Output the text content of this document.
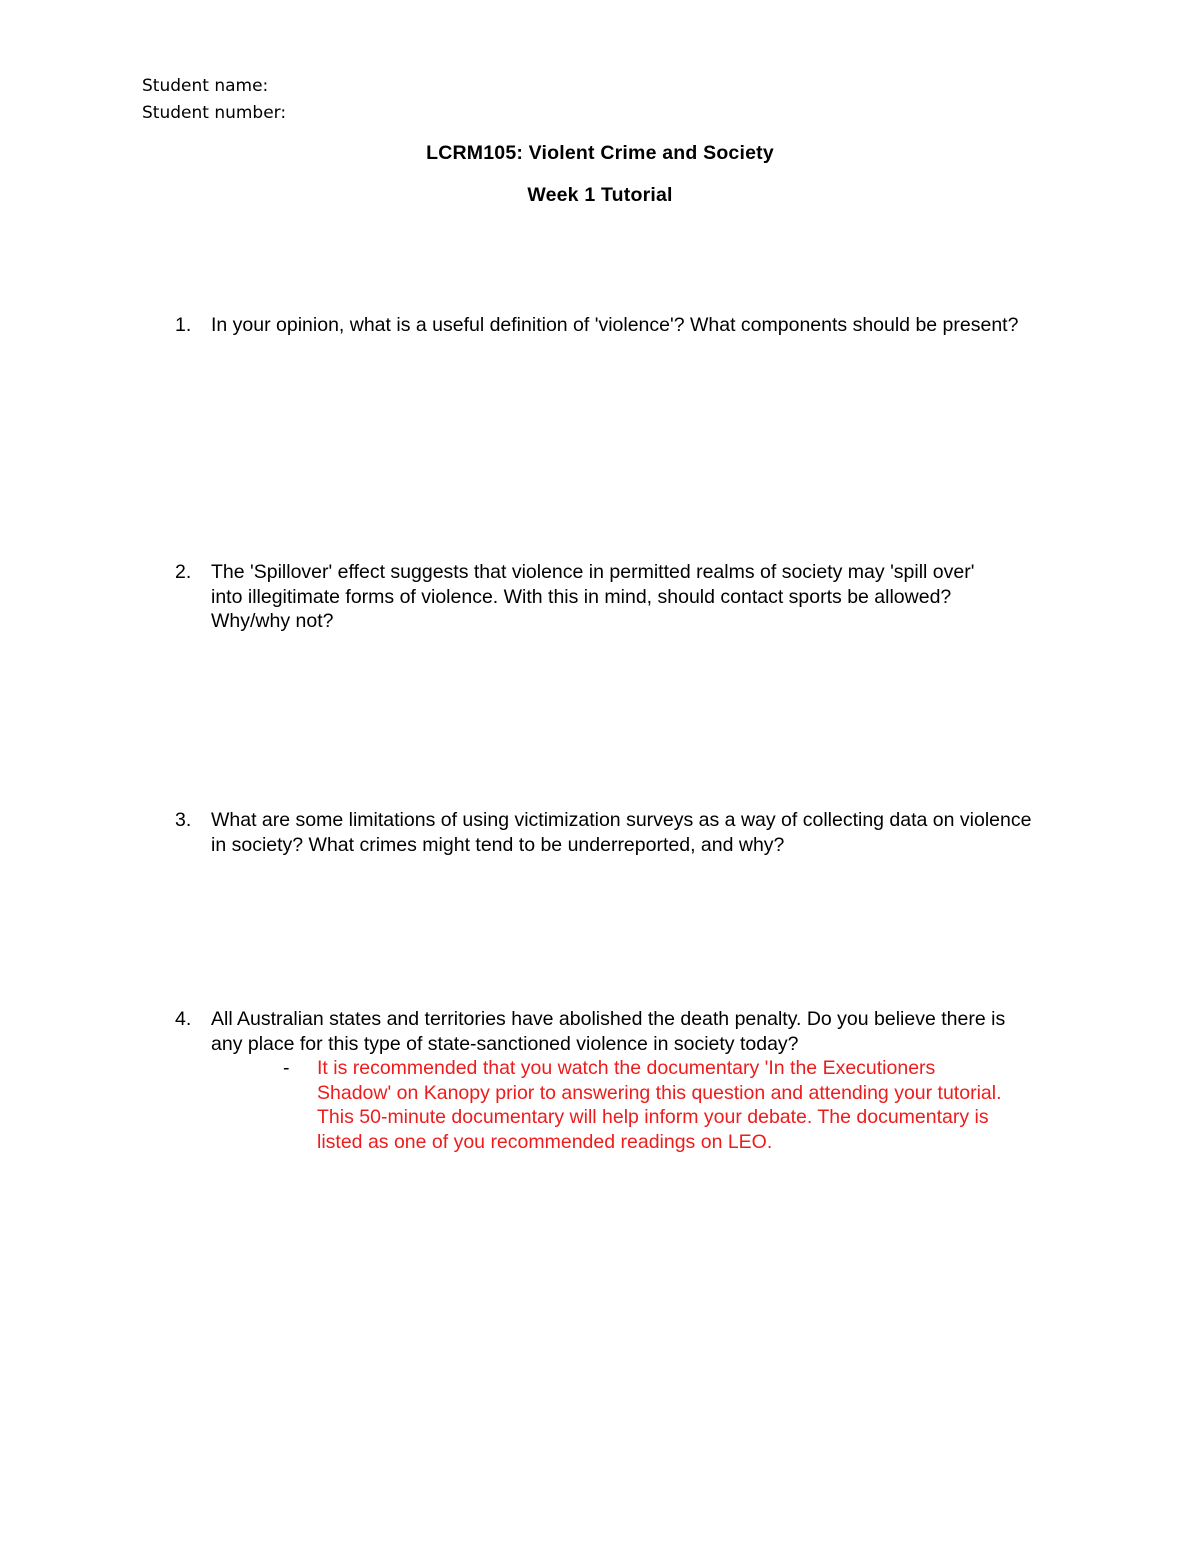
Student name:
Student number:
LCRM105: Violent Crime and Society
Week 1 Tutorial
1.	In your opinion, what is a useful definition of 'violence'? What components should be present?
2.	The 'Spillover' effect suggests that violence in permitted realms of society may 'spill over' into illegitimate forms of violence. With this in mind, should contact sports be allowed? Why/why not?
3.	What are some limitations of using victimization surveys as a way of collecting data on violence in society? What crimes might tend to be underreported, and why?
4.	All Australian states and territories have abolished the death penalty. Do you believe there is any place for this type of state-sanctioned violence in society today?
- It is recommended that you watch the documentary 'In the Executioners Shadow' on Kanopy prior to answering this question and attending your tutorial. This 50-minute documentary will help inform your debate. The documentary is listed as one of you recommended readings on LEO.
